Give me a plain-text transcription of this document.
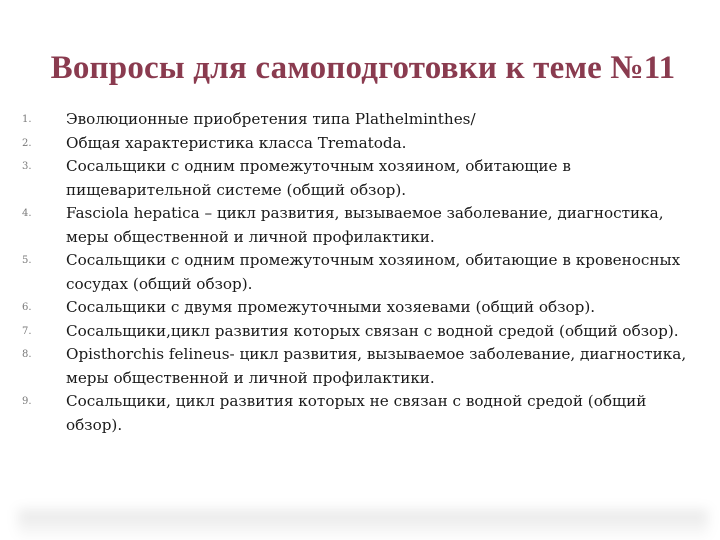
Вопросы для самоподготовки к теме №11
1.	Эволюционные приобретения типа Plathelminthes/
2.	Общая характеристика класса Trematoda.
3.	Сосальщики с одним промежуточным хозяином, обитающие в пищеварительной системе (общий обзор).
4.	Fasciola hepatica – цикл развития, вызываемое заболевание, диагностика, меры общественной и личной профилактики.
5.	Сосальщики с одним промежуточным хозяином, обитающие в кровеносных сосудах (общий обзор).
6.	Сосальщики с двумя промежуточными хозяевами (общий обзор).
7.	Сосальщики,цикл развития которых связан с водной средой (общий обзор).
8.	Opisthorchis felineus- цикл развития, вызываемое заболевание, диагностика, меры общественной и личной профилактики.
9.	Сосальщики, цикл развития которых не связан с водной средой (общий обзор).
